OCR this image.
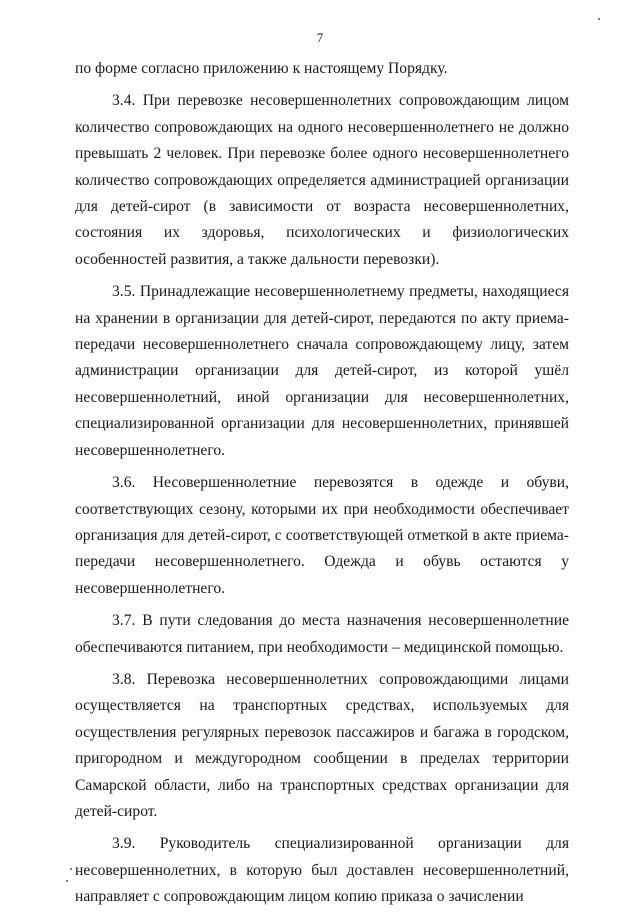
7

по форме согласно приложению к настоящему Порядку.

3.4. При перевозке несовершеннолетних сопровождающим лицом количество сопровождающих на одного несовершеннолетнего не должно превышать 2 человек. При перевозке более одного несовершеннолетнего количество сопровождающих определяется администрацией организации для детей-сирот (в зависимости от возраста несовершеннолетних, состояния их здоровья, психологических и физиологических особенностей развития, а также дальности перевозки).

3.5. Принадлежащие несовершеннолетнему предметы, находящиеся на хранении в организации для детей-сирот, передаются по акту приема-передачи несовершеннолетнего сначала сопровождающему лицу, затем администрации организации для детей-сирот, из которой ушёл несовершеннолетний, иной организации для несовершеннолетних, специализированной организации для несовершеннолетних, принявшей несовершеннолетнего.

3.6. Несовершеннолетние перевозятся в одежде и обуви, соответствующих сезону, которыми их при необходимости обеспечивает организация для детей-сирот, с соответствующей отметкой в акте приема-передачи несовершеннолетнего. Одежда и обувь остаются у несовершеннолетнего.

3.7. В пути следования до места назначения несовершеннолетние обеспечиваются питанием, при необходимости – медицинской помощью.

3.8. Перевозка несовершеннолетних сопровождающими лицами осуществляется на транспортных средствах, используемых для осуществления регулярных перевозок пассажиров и багажа в городском, пригородном и междугородном сообщении в пределах территории Самарской области, либо на транспортных средствах организации для детей-сирот.

3.9. Руководитель специализированной организации для несовершеннолетних, в которую был доставлен несовершеннолетний, направляет с сопровождающим лицом копию приказа о зачислении
